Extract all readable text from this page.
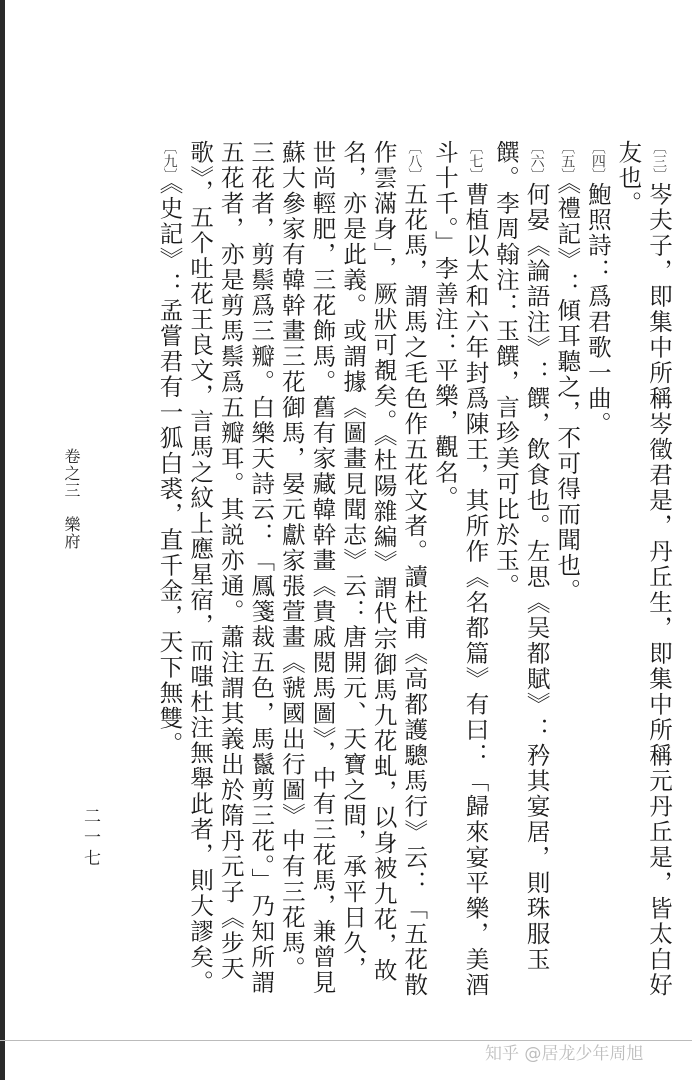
〔三〕岑夫子，即集中所稱岑徵君是，丹丘生，即集中所稱元丹丘是，皆太白好友也。
〔四〕鮑照詩：爲君歌一曲。
〔五〕《禮記》：傾耳聽之，不可得而聞也。
〔六〕何晏《論語注》：饌，飲食也。左思《吴都賦》：矜其宴居，則珠服玉饌。李周翰注：玉饌，言珍美可比於玉。
〔七〕曹植以太和六年封爲陳王，其所作《名都篇》有曰：「歸來宴平樂，美酒斗十千。」李善注：平樂，觀名。
〔八〕五花馬，謂馬之毛色作五花文者。讀杜甫《高都護驄馬行》云：「五花散作雲滿身」，厥狀可覩矣。《杜陽雜編》謂代宗御馬九花虬，以身被九花，故名，亦是此義。或謂據《圖畫見聞志》云：唐開元、天寶之間，承平日久，世尚輕肥，三花飾馬。舊有家藏韓幹畫《貴戚閲馬圖》，中有三花馬，兼曾見蘇大參家有韓幹畫三花御馬，晏元獻家張萱畫《虢國出行圖》中有三花馬。三花者，剪鬃爲三瓣。白樂天詩云：「鳳箋裁五色，馬鬣剪三花。」乃知所謂五花者，亦是剪馬鬃爲五瓣耳。其説亦通。蕭注謂其義出於隋丹元子《步天歌》，五个吐花王良文，言馬之紋上應星宿，而嗤杜注無舉此者，則大謬矣。
〔九〕《史記》：孟嘗君有一狐白裘，直千金，天下無雙。
卷之三　樂府
二一七
知乎 @居龙少年周旭
